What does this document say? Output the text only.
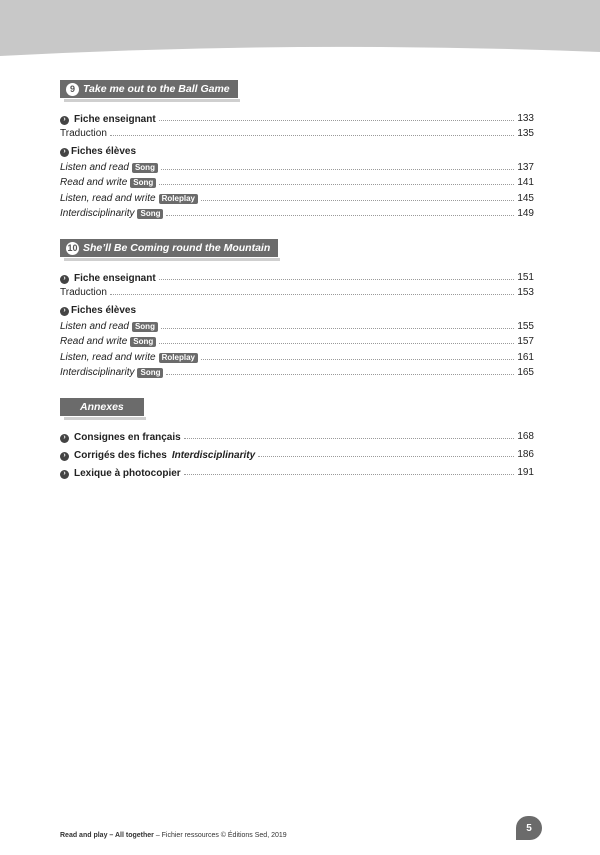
9 Take me out to the Ball Game
› Fiche enseignant	133
Traduction	135
› Fiches élèves
Listen and read Song	137
Read and write Song	141
Listen, read and write Roleplay	145
Interdisciplinarity Song	149
10 She’ll Be Coming round the Mountain
› Fiche enseignant	151
Traduction	153
› Fiches élèves
Listen and read Song	155
Read and write Song	157
Listen, read and write Roleplay	161
Interdisciplinarity Song	165
Annexes
› Consignes en français	168
› Corrigés des fiches Interdisciplinarity	186
› Lexique à photocopier	191
Read and play – All together – Fichier ressources © Éditions Sed, 2019
5
